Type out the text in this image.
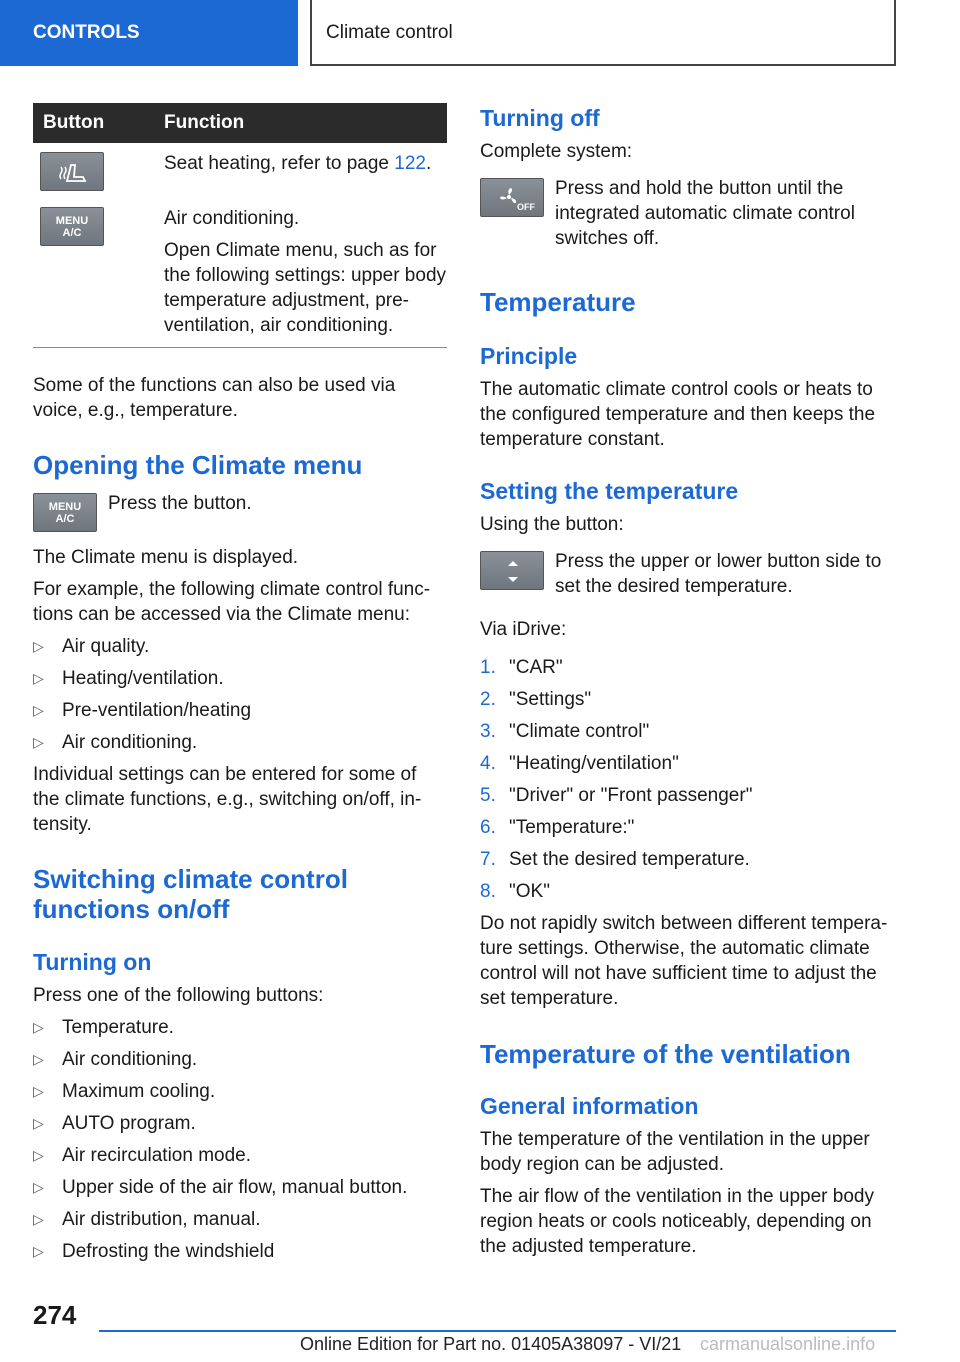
CONTROLS	Climate control
Button	Function

	Seat heating, refer to page 122.

MENU A/C	Air conditioning.

Open Climate menu, such as for the following settings: upper body temperature adjustment, pre-ventilation, air conditioning.

Some of the functions can also be used via voice, e.g., temperature.

Opening the Climate menu
MENU A/C
Press the button.

The Climate menu is displayed.

For example, the following climate control functions can be accessed via the Climate menu:

▷ Air quality.
▷ Heating/ventilation.
▷ Pre-ventilation/heating
▷ Air conditioning.

Individual settings can be entered for some of the climate functions, e.g., switching on/off, intensity.

Switching climate control functions on/off
Turning on

Press one of the following buttons:

▷ Temperature.
▷ Air conditioning.
▷ Maximum cooling.
▷ AUTO program.
▷ Air recirculation mode.
▷ Upper side of the air flow, manual button.
▷ Air distribution, manual.
▷ Defrosting the windshield
Turning off

Complete system:

OFF
Press and hold the button until the integrated automatic climate control switches off.
Temperature
Principle

The automatic climate control cools or heats to the configured temperature and then keeps the temperature constant.

Setting the temperature

Using the button:

Press the upper or lower button side to set the desired temperature.

Via iDrive:

1. "CAR"
2. "Settings"
3. "Climate control"
4. "Heating/ventilation"
5. "Driver" or "Front passenger"
6. "Temperature:"
7. Set the desired temperature.
8. "OK"

Do not rapidly switch between different temperature settings. Otherwise, the automatic climate control will not have sufficient time to adjust the set temperature.

Temperature of the ventilation
General information

The temperature of the ventilation in the upper body region can be adjusted.

The air flow of the ventilation in the upper body region heats or cools noticeably, depending on the adjusted temperature.

274
Online Edition for Part no. 01405A38097 - VI/21 carmanualsonline.info
